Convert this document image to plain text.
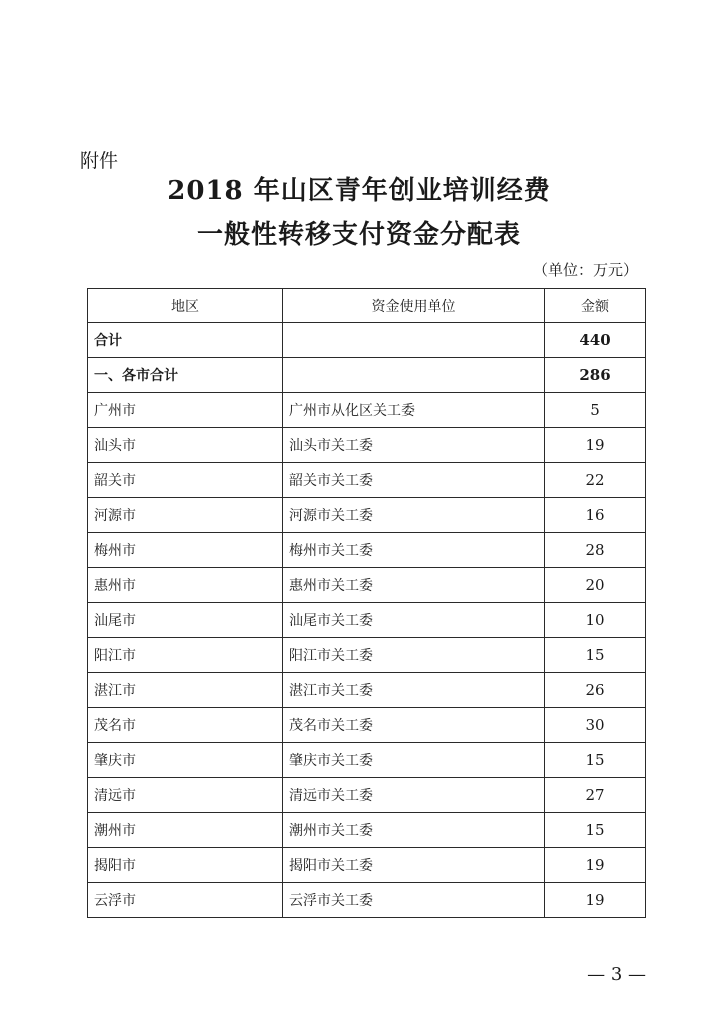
附件
2018 年山区青年创业培训经费
一般性转移支付资金分配表
（单位：万元）
地区	资金使用单位	金额
合计		440
一、各市合计		286
广州市	广州市从化区关工委	5
汕头市	汕头市关工委	19
韶关市	韶关市关工委	22
河源市	河源市关工委	16
梅州市	梅州市关工委	28
惠州市	惠州市关工委	20
汕尾市	汕尾市关工委	10
阳江市	阳江市关工委	15
湛江市	湛江市关工委	26
茂名市	茂名市关工委	30
肇庆市	肇庆市关工委	15
清远市	清远市关工委	27
潮州市	潮州市关工委	15
揭阳市	揭阳市关工委	19
云浮市	云浮市关工委	19
— 3 —
